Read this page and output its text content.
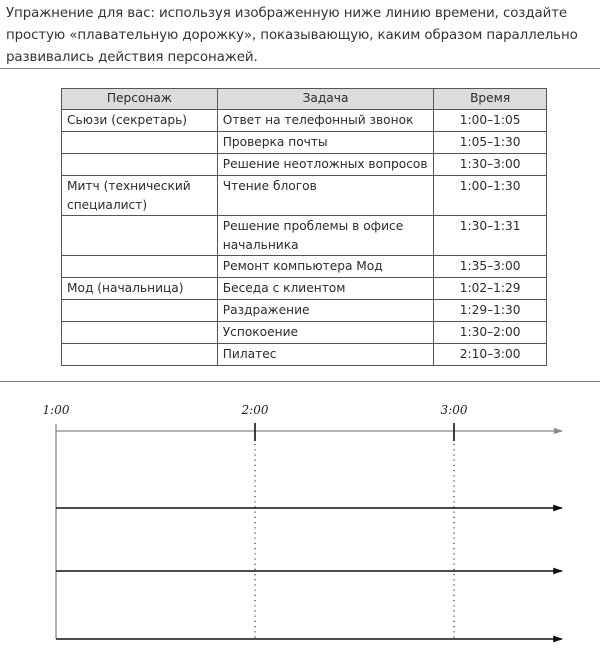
Упражнение для вас: используя изображенную ниже линию времени, создайте простую «плавательную дорожку», показывающую, каким образом параллельно развивались действия персонажей.
Персонаж	Задача	Время
Сьюзи (секретарь)	Ответ на телефонный звонок	1:00–1:05
	Проверка почты	1:05–1:30
	Решение неотложных вопросов	1:30–3:00
Митч (технический специалист)	Чтение блогов	1:00–1:30
	Решение проблемы в офисе начальника	1:30–1:31
	Ремонт компьютера Мод	1:35–3:00
Мод (начальница)	Беседа с клиентом	1:02–1:29
	Раздражение	1:29–1:30
	Успокоение	1:30–2:00
	Пилатес	2:10–3:00
1:00	2:00	3:00
